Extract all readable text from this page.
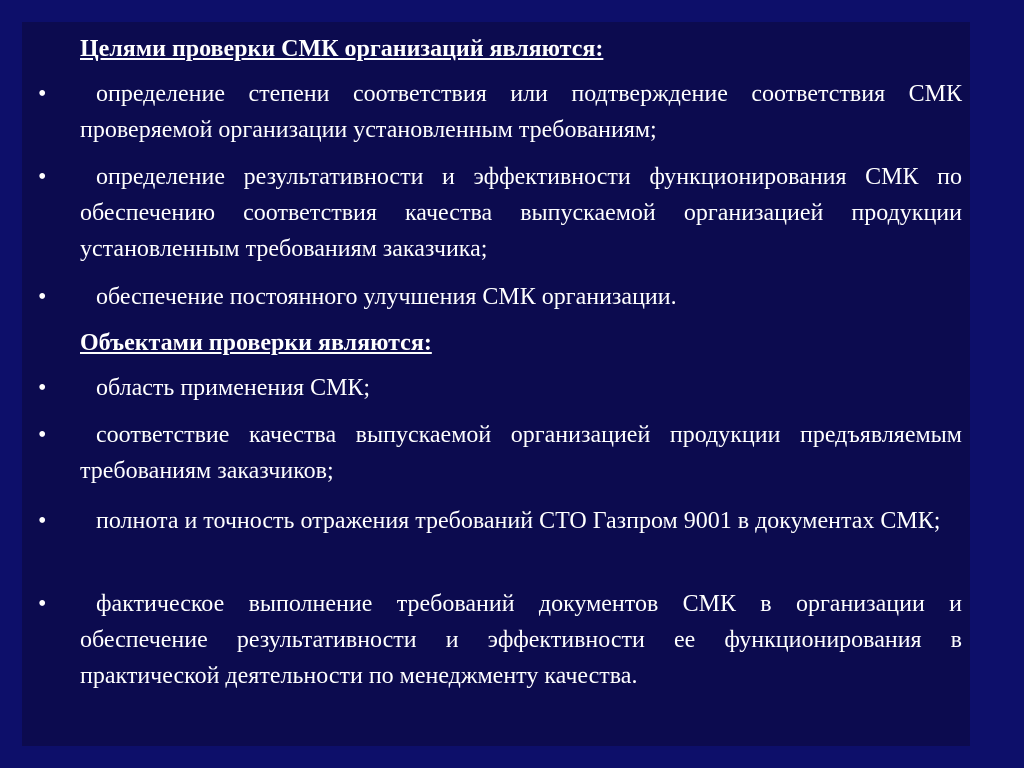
Целями проверки СМК организаций являются:
•	определение степени соответствия или подтверждение соответствия СМК проверяемой организации установленным требованиям;
•	определение результативности и эффективности функционирования СМК по обеспечению соответствия качества выпускаемой организацией продукции установленным требованиям заказчика;
•	обеспечение постоянного улучшения СМК организации.
Объектами проверки являются:
•	область применения СМК;
•	соответствие качества выпускаемой организацией продукции предъявляемым требованиям заказчиков;
•	полнота и точность отражения требований СТО Газпром 9001 в документах СМК;
•	фактическое выполнение требований документов СМК в организации и обеспечение результативности и эффективности ее функционирования в практической деятельности по менеджменту качества.
